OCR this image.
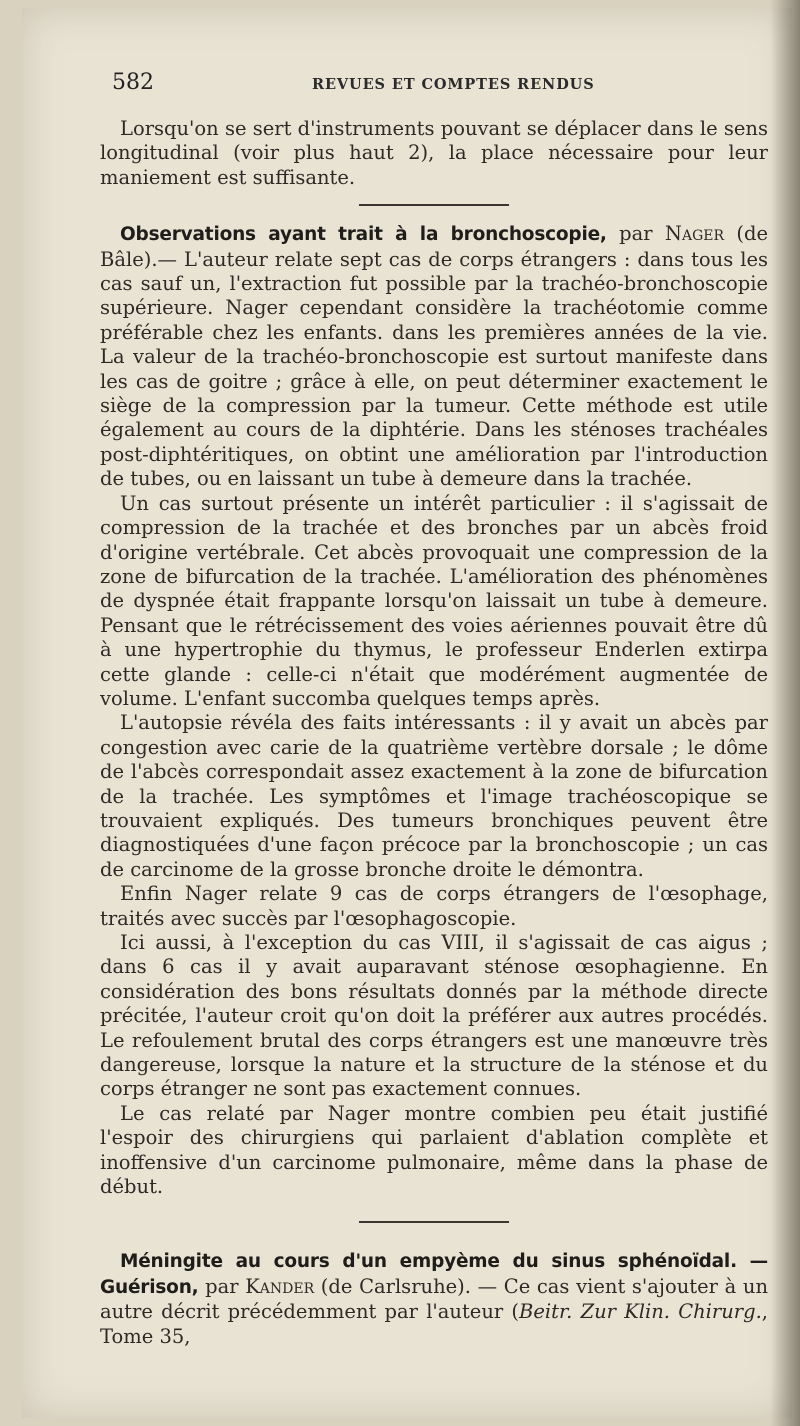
582	REVUES ET COMPTES RENDUS

Lorsqu'on se sert d'instruments pouvant se déplacer dans le sens longitudinal (voir plus haut 2), la place nécessaire pour leur maniement est suffisante.

Observations ayant trait à la bronchoscopie, par Nager (de Bâle).— L'auteur relate sept cas de corps étrangers : dans tous les cas sauf un, l'extraction fut possible par la trachéo-bronchoscopie supérieure. Nager cependant considère la trachéotomie comme préférable chez les enfants. dans les premières années de la vie. La valeur de la trachéo-bronchoscopie est surtout manifeste dans les cas de goitre ; grâce à elle, on peut déterminer exactement le siège de la compression par la tumeur. Cette méthode est utile également au cours de la diphtérie. Dans les sténoses trachéales post-diphtéritiques, on obtint une amélioration par l'introduction de tubes, ou en laissant un tube à demeure dans la trachée.

Un cas surtout présente un intérêt particulier : il s'agissait de compression de la trachée et des bronches par un abcès froid d'origine vertébrale. Cet abcès provoquait une compression de la zone de bifurcation de la trachée. L'amélioration des phénomènes de dyspnée était frappante lorsqu'on laissait un tube à demeure. Pensant que le rétrécissement des voies aériennes pouvait être dû à une hypertrophie du thymus, le professeur Enderlen extirpa cette glande : celle-ci n'était que modérément augmentée de volume. L'enfant succomba quelques temps après.

L'autopsie révéla des faits intéressants : il y avait un abcès par congestion avec carie de la quatrième vertèbre dorsale ; le dôme de l'abcès correspondait assez exactement à la zone de bifurcation de la trachée. Les symptômes et l'image trachéoscopique se trouvaient expliqués. Des tumeurs bronchiques peuvent être diagnostiquées d'une façon précoce par la bronchoscopie ; un cas de carcinome de la grosse bronche droite le démontra.

Enfin Nager relate 9 cas de corps étrangers de l'œsophage, traités avec succès par l'œsophagoscopie.

Ici aussi, à l'exception du cas VIII, il s'agissait de cas aigus ; dans 6 cas il y avait auparavant sténose œsophagienne. En considération des bons résultats donnés par la méthode directe précitée, l'auteur croit qu'on doit la préférer aux autres procédés. Le refoulement brutal des corps étrangers est une manœuvre très dangereuse, lorsque la nature et la structure de la sténose et du corps étranger ne sont pas exactement connues.

Le cas relaté par Nager montre combien peu était justifié l'espoir des chirurgiens qui parlaient d'ablation complète et inoffensive d'un carcinome pulmonaire, même dans la phase de début.

Méningite au cours d'un empyème du sinus sphénoïdal. —Guérison, par Kander (de Carlsruhe). — Ce cas vient s'ajouter à un autre décrit précédemment par l'auteur (Beitr. Zur Klin. Chirurg., Tome 35,
